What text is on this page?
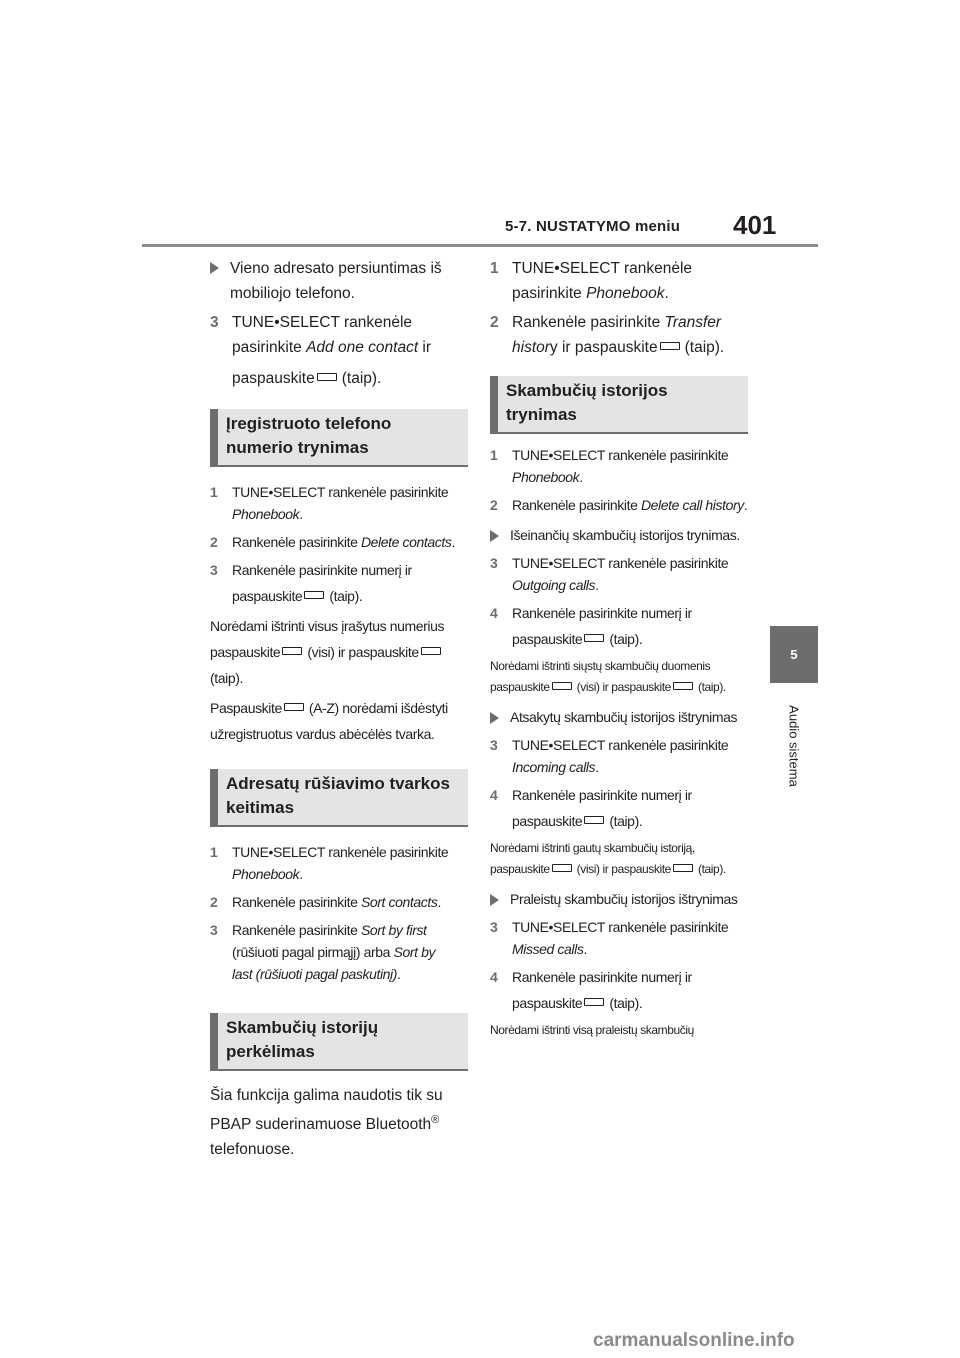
5-7. NUSTATYMO meniu 401
5
Audio sistema

Vieno adresato persiuntimas iš mobiliojo telefono.

3 TUNE•SELECT rankenėle pasirinkite Add one contact ir

paspauskite (taip).

Įregistruoto telefono numerio trynimas
1 TUNE•SELECT rankenėle pasirinkite

Phonebook.

2 Rankenėle pasirinkite Delete contacts.

3 Rankenėle pasirinkite numerį ir

paspauskite (taip).

Norėdami ištrinti visus įrašytus numerius

paspauskite (visi) ir paspauskite

(taip).

Paspauskite (A-Z) norėdami išdėstyti

užregistruotus vardus abėcėlės tvarka.

Adresatų rūšiavimo tvarkos keitimas
1 TUNE•SELECT rankenėle pasirinkite

Phonebook.

2 Rankenėle pasirinkite Sort contacts.

3 Rankenėle pasirinkite Sort by first

(rūšiuoti pagal pirmąjį) arba Sort by

last (rūšiuoti pagal paskutinį).

Skambučių istorijų perkėlimas

Šia funkcija galima naudotis tik su PBAP suderinamuose Bluetooth®

telefonuose.

1 TUNE•SELECT rankenėle pasirinkite Phonebook.

2 Rankenėle pasirinkite Transfer history ir paspauskite (taip).

Skambučių istorijos trynimas
1 TUNE•SELECT rankenėle pasirinkite

Phonebook.

2 Rankenėle pasirinkite Delete call history.

Išeinančių skambučių istorijos trynimas.

3 TUNE•SELECT rankenėle pasirinkite

Outgoing calls.

4 Rankenėle pasirinkite numerį ir

paspauskite (taip).

Norėdami ištrinti siųstų skambučių duomenis

paspauskite (visi) ir paspauskite (taip).

Atsakytų skambučių istorijos ištrynimas

3 TUNE•SELECT rankenėle pasirinkite

Incoming calls.

4 Rankenėle pasirinkite numerį ir

paspauskite (taip).

Norėdami ištrinti gautų skambučių istoriją,

paspauskite (visi) ir paspauskite (taip).

Praleistų skambučių istorijos ištrynimas

3 TUNE•SELECT rankenėle pasirinkite

Missed calls.

4 Rankenėle pasirinkite numerį ir

paspauskite (taip).

Norėdami ištrinti visą praleistų skambučių

carmanualsonline.info
